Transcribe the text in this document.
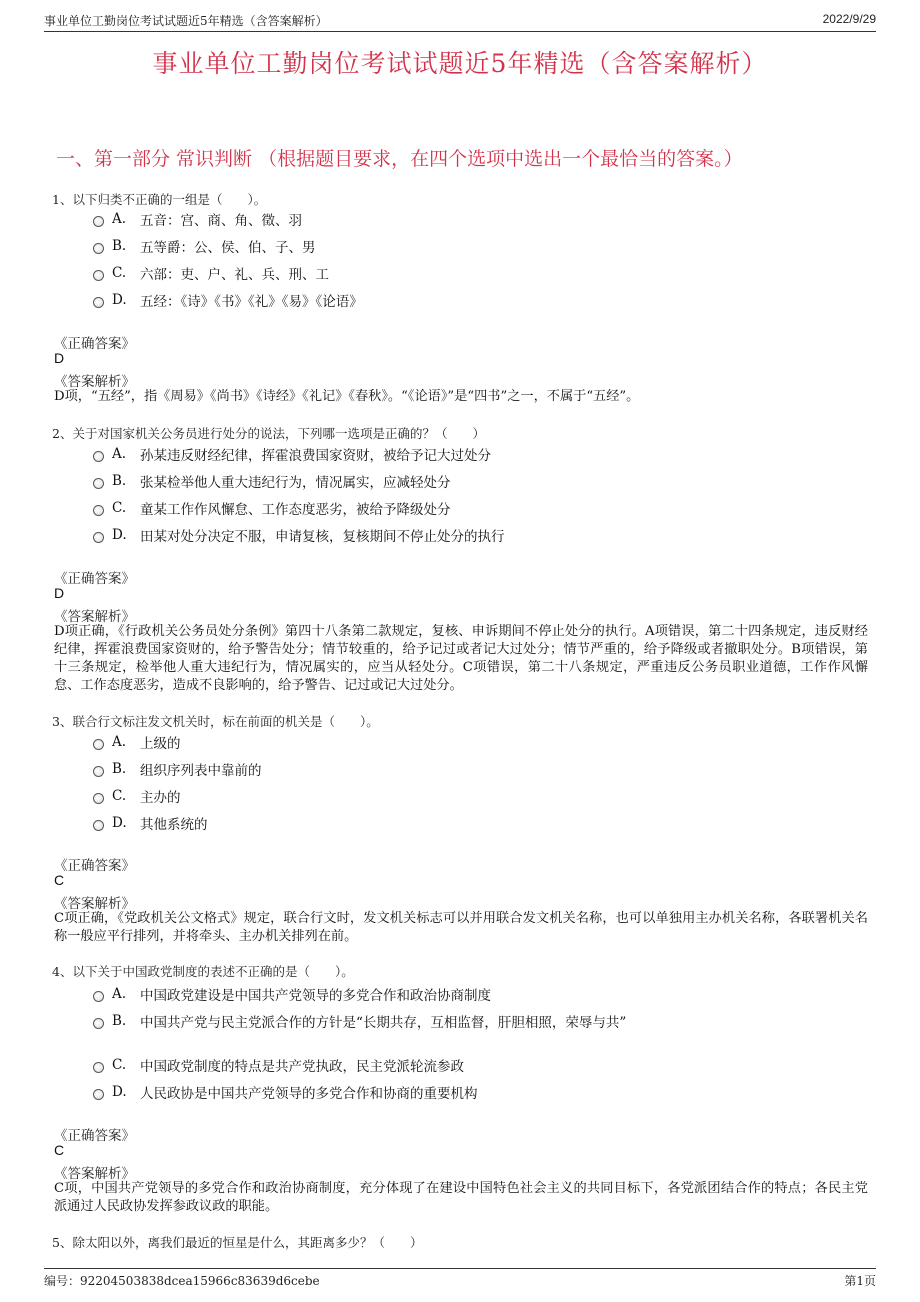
事业单位工勤岗位考试试题近5年精选（含答案解析）	2022/9/29
事业单位工勤岗位考试试题近5年精选（含答案解析）
一、第一部分 常识判断 （根据题目要求，在四个选项中选出一个最恰当的答案。）
1、以下归类不正确的一组是（　　）。
A.	五音：宫、商、角、徵、羽
B.	五等爵：公、侯、伯、子、男
C.	六部：吏、户、礼、兵、刑、工
D. 五经：《诗》《书》《礼》《易》《论语》
《正确答案》
D
《答案解析》
D项，“五经”，指《周易》《尚书》《诗经》《礼记》《春秋》。“《论语》”是“四书”之一，不属于“五经”。
2、关于对国家机关公务员进行处分的说法，下列哪一选项是正确的？（　　）
A.	孙某违反财经纪律，挥霍浪费国家资财，被给予记大过处分
B.	张某检举他人重大违纪行为，情况属实，应减轻处分
C.	童某工作作风懈怠、工作态度恶劣，被给予降级处分
D. 田某对处分决定不服，申请复核，复核期间不停止处分的执行
《正确答案》
D
《答案解析》
D项正确，《行政机关公务员处分条例》第四十八条第二款规定，复核、申诉期间不停止处分的执行。A项错误，第二十四条规定，违反财经纪律，挥霍浪费国家资财的，给予警告处分；情节较重的，给予记过或者记大过处分；情节严重的，给予降级或者撤职处分。B项错误，第十三条规定，检举他人重大违纪行为，情况属实的，应当从轻处分。C项错误，第二十八条规定，严重违反公务员职业道德，工作作风懈怠、工作态度恶劣，造成不良影响的，给予警告、记过或记大过处分。
3、联合行文标注发文机关时，标在前面的机关是（　　）。
A.	上级的
B.	组织序列表中靠前的
C.	主办的
D. 其他系统的
《正确答案》
C
《答案解析》
C项正确，《党政机关公文格式》规定，联合行文时，发文机关标志可以并用联合发文机关名称，也可以单独用主办机关名称，各联署机关名称一般应平行排列，并将牵头、主办机关排列在前。
4、以下关于中国政党制度的表述不正确的是（　　）。
A.	中国政党建设是中国共产党领导的多党合作和政治协商制度
B.	中国共产党与民主党派合作的方针是“长期共存，互相监督，肝胆相照，荣辱与共”
C.	中国政党制度的特点是共产党执政，民主党派轮流参政
D. 人民政协是中国共产党领导的多党合作和协商的重要机构
《正确答案》
C
《答案解析》
C项，中国共产党领导的多党合作和政治协商制度，充分体现了在建设中国特色社会主义的共同目标下，各党派团结合作的特点；各民主党派通过人民政协发挥参政议政的职能。
5、除太阳以外，离我们最近的恒星是什么，其距离多少？（　　）
编号：92204503838dcea15966c83639d6cebe	第1页
